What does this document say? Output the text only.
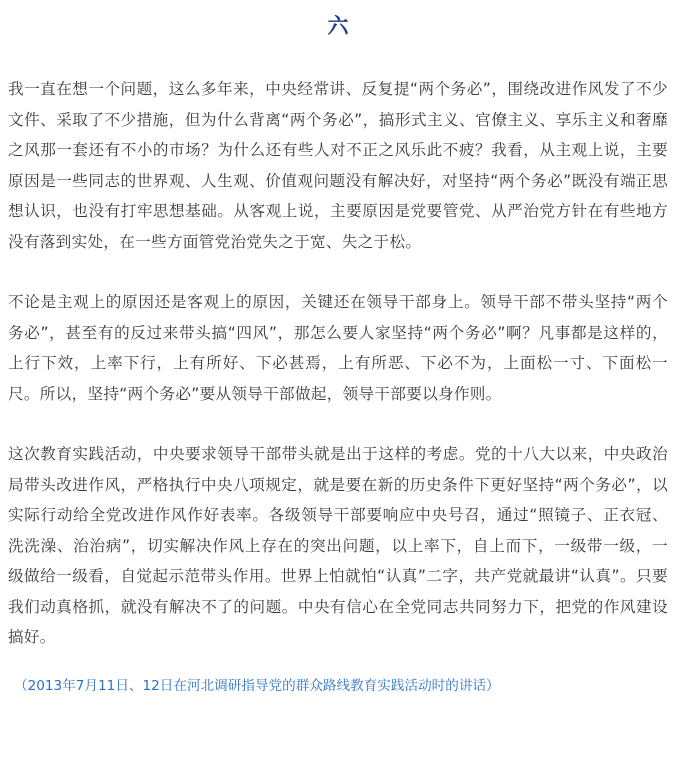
六

我一直在想一个问题，这么多年来，中央经常讲、反复提“两个务必”，围绕改进作风发了不少文件、采取了不少措施，但为什么背离“两个务必”，搞形式主义、官僚主义、享乐主义和奢靡之风那一套还有不小的市场？为什么还有些人对不正之风乐此不疲？我看，从主观上说，主要原因是一些同志的世界观、人生观、价值观问题没有解决好，对坚持“两个务必”既没有端正思想认识，也没有打牢思想基础。从客观上说，主要原因是党要管党、从严治党方针在有些地方没有落到实处，在一些方面管党治党失之于宽、失之于松。

不论是主观上的原因还是客观上的原因，关键还在领导干部身上。领导干部不带头坚持“两个务必”，甚至有的反过来带头搞“四风”，那怎么要人家坚持“两个务必”啊？凡事都是这样的，上行下效，上率下行，上有所好、下必甚焉，上有所恶、下必不为，上面松一寸、下面松一尺。所以，坚持“两个务必”要从领导干部做起，领导干部要以身作则。

这次教育实践活动，中央要求领导干部带头就是出于这样的考虑。党的十八大以来，中央政治局带头改进作风，严格执行中央八项规定，就是要在新的历史条件下更好坚持“两个务必”，以实际行动给全党改进作风作好表率。各级领导干部要响应中央号召，通过“照镜子、正衣冠、洗洗澡、治治病”，切实解决作风上存在的突出问题，以上率下，自上而下，一级带一级，一级做给一级看，自觉起示范带头作用。世界上怕就怕“认真”二字，共产党就最讲“认真”。只要我们动真格抓，就没有解决不了的问题。中央有信心在全党同志共同努力下，把党的作风建设搞好。

（2013年7月11日、12日在河北调研指导党的群众路线教育实践活动时的讲话）
